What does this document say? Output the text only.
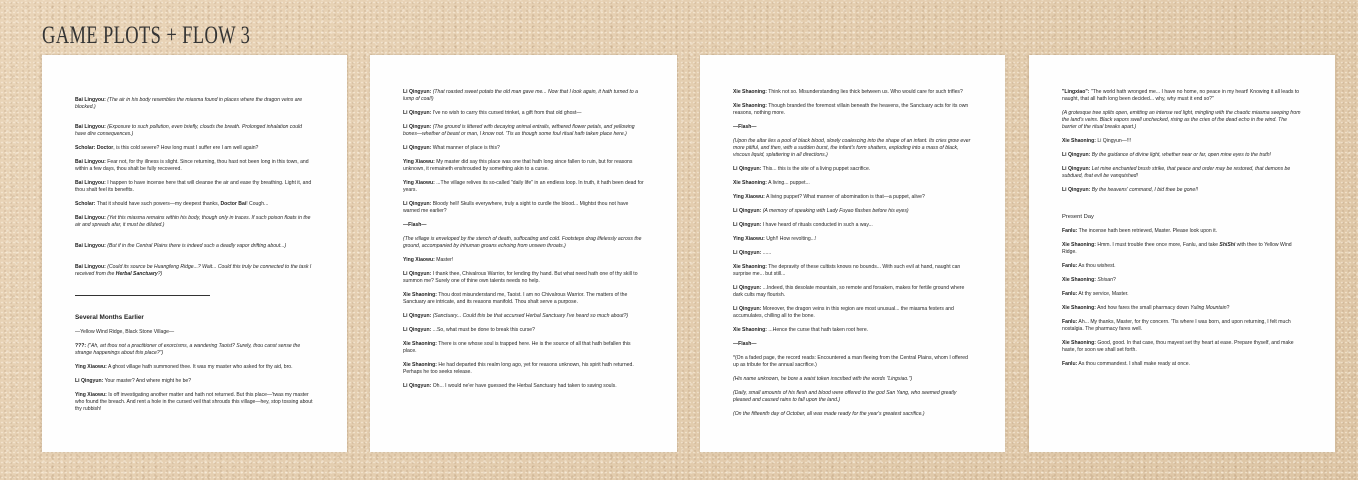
GAME PLOTS + FLOW 3

Bai Lingyou: (The air in his body resembles the miasma found in places where the dragon veins are blocked.)

Bai Lingyou: (Exposure to such pollution, even briefly, clouds the breath. Prolonged inhalation could have dire consequences.)

Scholar: Doctor, is this cold severe? How long must I suffer ere I am well again?

Bai Lingyou: Fear not, for thy illness is slight. Since returning, thou hast not been long in this town, and within a few days, thou shalt be fully recovered.

Bai Lingyou: I happen to have incense here that will cleanse the air and ease thy breathing. Light it, and thou shalt feel its benefits.

Scholar: That it should have such powers—my deepest thanks, Doctor Bai! Cough...

Bai Lingyou: (Yet this miasma remains within his body, though only in traces. If such poison floats in the air and spreads afar, it must be diluted.)

Bai Lingyou: (But if in the Central Plains there is indeed such a deadly vapor drifting about...)

Bai Lingyou: (Could its source be Huangfeng Ridge...? Wait... Could this truly be connected to the task I received from the Herbal Sanctuary?)

Several Months Earlier

—Yellow Wind Ridge, Black Stone Village—

???: ("Ah, art thou not a practitioner of exorcisms, a wandering Taoist? Surely, thou canst sense the strange happenings about this place?")

Ying Xiaowu: A ghost village hath summoned thee. It was my master who asked for thy aid, bro.

Li Qingyun: Your master? And where might he be?

Ying Xiaowu: Is off investigating another matter and hath not returned. But this place—'twas my master who found the breach. And rent a hole in the cursed veil that shrouds this village—hey, stop tossing about thy rubbish!

Li Qingyun: (That roasted sweet potato the old man gave me... Now that I look again, it hath turned to a lump of coal!)

Li Qingyun: I've no wish to carry this cursed trinket, a gift from that old ghost—

Li Qingyun: (The ground is littered with decaying animal entrails, withered flower petals, and yellowing bones—whether of beast or man, I know not. 'Tis as though some foul ritual hath taken place here.)

Li Qingyun: What manner of place is this?

Ying Xiaowu: My master did say this place was one that hath long since fallen to ruin, but for reasons unknown, it remaineth enshrouded by something akin to a curse.

Ying Xiaowu: ...The village relives its so-called "daily life" in an endless loop. In truth, it hath been dead for years.

Li Qingyun: Bloody hell! Skulls everywhere, truly a sight to curdle the blood... Mightst thou not have warned me earlier?

—Flash—

(The village is enveloped by the stench of death, suffocating and cold. Footsteps drag lifelessly across the ground, accompanied by inhuman groans echoing from unseen throats.)

Ying Xiaowu: Master!

Li Qingyun: I thank thee, Chivalrous Warrior, for lending thy hand. But what need hath one of thy skill to summon me? Surely one of thine own talents needs no help.

Xie Shaoning: Thou dost misunderstand me, Taoist. I am no Chivalrous Warrior. The matters of the Sanctuary are intricate, and its reasons manifold. Thou shalt serve a purpose.

Li Qingyun: (Sanctuary... Could this be that accursed Herbal Sanctuary I've heard so much about?)

Li Qingyun: ...So, what must be done to break this curse?

Xie Shaoning: There is one whose soul is trapped here. He is the source of all that hath befallen this place.

Xie Shaoning: He had departed this realm long ago, yet for reasons unknown, his spirit hath returned. Perhaps he too seeks release.

Li Qingyun: Oh... I would ne'er have guessed the Herbal Sanctuary had taken to saving souls.

Xie Shaoning: Think not so. Misunderstanding lies thick between us. Who would care for such trifles?

Xie Shaoning: Though branded the foremost villain beneath the heavens, the Sanctuary acts for its own reasons, nothing more.

—Flash—

(Upon the altar lies a pool of black blood, slowly coalescing into the shape of an infant. Its cries grow ever more pitiful, and then, with a sudden burst, the infant's form shatters, exploding into a mass of black, viscous liquid, splattering in all directions.)

Li Qingyun: This... this is the site of a living puppet sacrifice.

Xie Shaoning: A living... puppet...

Ying Xiaowu: A living puppet? What manner of abomination is that—a puppet, alive?

Li Qingyun: (A memory of speaking with Lady Fuyao flashes before his eyes)

Li Qingyun: I have heard of rituals conducted in such a way...

Ying Xiaowu: Ugh!! How revolting...!

Li Qingyun: ......

Xie Shaoning: The depravity of these cultists knows no bounds... With such evil at hand, naught can surprise me... but still...

Li Qingyun: ...Indeed, this desolate mountain, so remote and forsaken, makes for fertile ground where dark cults may flourish.

Li Qingyun: Moreover, the dragon veins in this region are most unusual... the miasma festers and accumulates, chilling all to the bone.

Xie Shaoning: ...Hence the curse that hath taken root here.

—Flash—

*(On a faded page, the record reads: Encountered a man fleeing from the Central Plains, whom I offered up as tribute for the annual sacrifice.)

(His name unknown, he bore a waist token inscribed with the words "Lingxiao.")

(Daily, small amounts of his flesh and blood were offered to the god San Yang, who seemed greatly pleased and caused rains to fall upon the land.)

(On the fifteenth day of October, all was made ready for the year's greatest sacrifice.)

"Lingxiao": "The world hath wronged me... I have no home, no peace in my heart! Knowing it all leads to naught, that all hath long been decided... why, why must it end so?"

(A grotesque tree splits open, emitting an intense red light, mingling with the chaotic miasma seeping from the land's veins. Black vapors swell unchecked, rising as the cries of the dead echo in the wind. The barrier of the ritual breaks apart.)

Xie Shaoning: Li Qingyun—!!!

Li Qingyun: By the guidance of divine light, whether near or far, open mine eyes to the truth!

Li Qingyun: Let mine enchanted brush strike, that peace and order may be restored, that demons be subdued, that evil be vanquished!

Li Qingyun: By the heavens' command, I bid thee be gone!!

Present Day

Fanlu: The incense hath been retrieved, Master. Please look upon it.

Xie Shaoning: Hmm. I must trouble thee once more, Fanlu, and take ShiShi with thee to Yellow Wind Ridge.

Fanlu: As thou wishest.

Xie Shaoning: Shisan?

Fanlu: At thy service, Master.

Xie Shaoning: And how fares the small pharmacy down Yuling Mountain?

Fanlu: Ah... My thanks, Master, for thy concern. 'Tis where I was born, and upon returning, I felt much nostalgia. The pharmacy fares well.

Xie Shaoning: Good, good. In that case, thou mayest set thy heart at ease. Prepare thyself, and make haste, for soon we shall set forth.

Fanlu: As thou commandest. I shall make ready at once.
